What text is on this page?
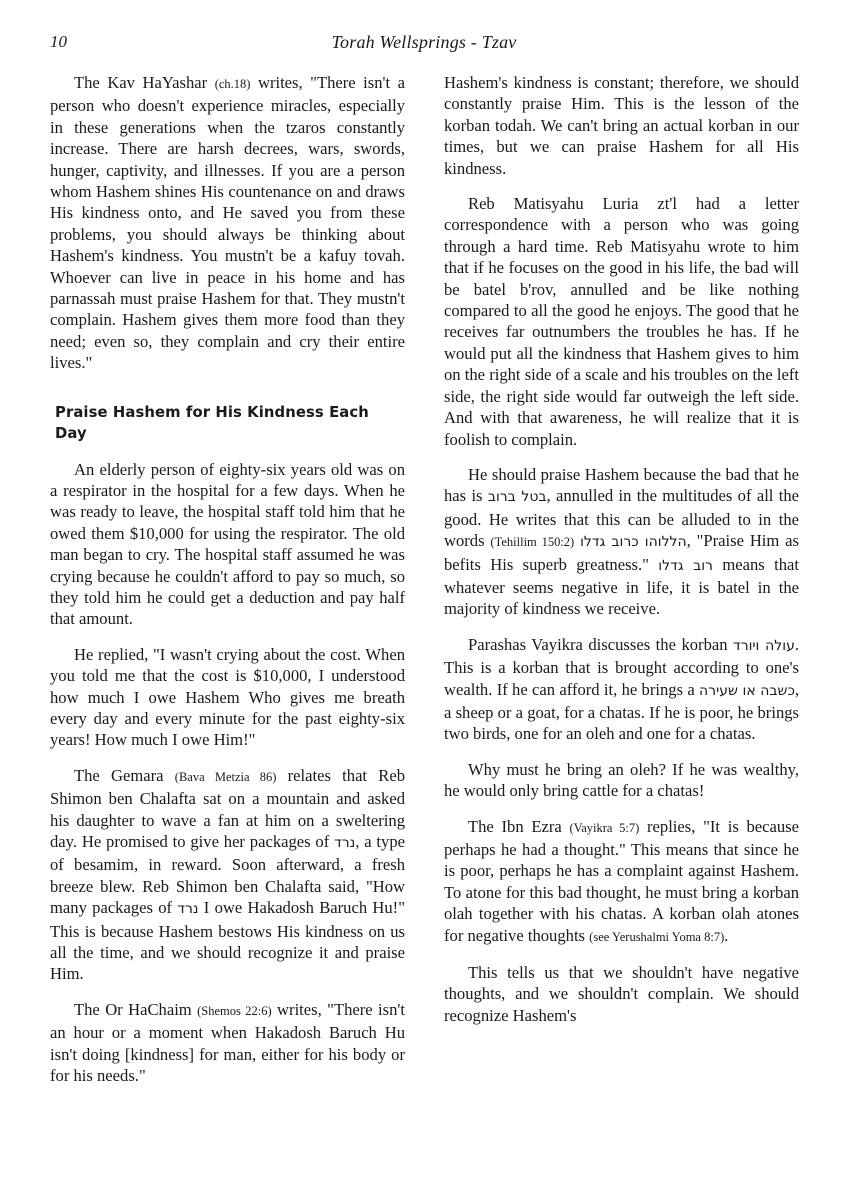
10	Torah Wellsprings - Tzav

The Kav HaYashar (ch.18) writes, "There isn't a person who doesn't experience miracles, especially in these generations when the tzaros constantly increase. There are harsh decrees, wars, swords, hunger, captivity, and illnesses. If you are a person whom Hashem shines His countenance on and draws His kindness onto, and He saved you from these problems, you should always be thinking about Hashem's kindness. You mustn't be a kafuy tovah. Whoever can live in peace in his home and has parnassah must praise Hashem for that. They mustn't complain. Hashem gives them more food than they need; even so, they complain and cry their entire lives."

Praise Hashem for His Kindness Each Day

An elderly person of eighty-six years old was on a respirator in the hospital for a few days. When he was ready to leave, the hospital staff told him that he owed them $10,000 for using the respirator. The old man began to cry. The hospital staff assumed he was crying because he couldn't afford to pay so much, so they told him he could get a deduction and pay half that amount.

He replied, "I wasn't crying about the cost. When you told me that the cost is $10,000, I understood how much I owe Hashem Who gives me breath every day and every minute for the past eighty-six years! How much I owe Him!"

The Gemara (Bava Metzia 86) relates that Reb Shimon ben Chalafta sat on a mountain and asked his daughter to wave a fan at him on a sweltering day. He promised to give her packages of נרד, a type of besamim, in reward. Soon afterward, a fresh breeze blew. Reb Shimon ben Chalafta said, "How many packages of נרד I owe Hakadosh Baruch Hu!" This is because Hashem bestows His kindness on us all the time, and we should recognize it and praise Him.

The Or HaChaim (Shemos 22:6) writes, "There isn't an hour or a moment when Hakadosh Baruch Hu isn't doing [kindness] for man, either for his body or for his needs."

Hashem's kindness is constant; therefore, we should constantly praise Him. This is the lesson of the korban todah. We can't bring an actual korban in our times, but we can praise Hashem for all His kindness.

Reb Matisyahu Luria zt'l had a letter correspondence with a person who was going through a hard time. Reb Matisyahu wrote to him that if he focuses on the good in his life, the bad will be batel b'rov, annulled and be like nothing compared to all the good he enjoys. The good that he receives far outnumbers the troubles he has. If he would put all the kindness that Hashem gives to him on the right side of a scale and his troubles on the left side, the right side would far outweigh the left side. And with that awareness, he will realize that it is foolish to complain.

He should praise Hashem because the bad that he has is בטל ברוב, annulled in the multitudes of all the good. He writes that this can be alluded to in the words (Tehillim 150:2) הללוהו כרוב גדלו, "Praise Him as befits His superb greatness." רוב גדלו means that whatever seems negative in life, it is batel in the majority of kindness we receive.

Parashas Vayikra discusses the korban עולה ויורד. This is a korban that is brought according to one's wealth. If he can afford it, he brings a כשבה או שעירה, a sheep or a goat, for a chatas. If he is poor, he brings two birds, one for an oleh and one for a chatas.

Why must he bring an oleh? If he was wealthy, he would only bring cattle for a chatas!

The Ibn Ezra (Vayikra 5:7) replies, "It is because perhaps he had a thought." This means that since he is poor, perhaps he has a complaint against Hashem. To atone for this bad thought, he must bring a korban olah together with his chatas. A korban olah atones for negative thoughts (see Yerushalmi Yoma 8:7).

This tells us that we shouldn't have negative thoughts, and we shouldn't complain. We should recognize Hashem's
